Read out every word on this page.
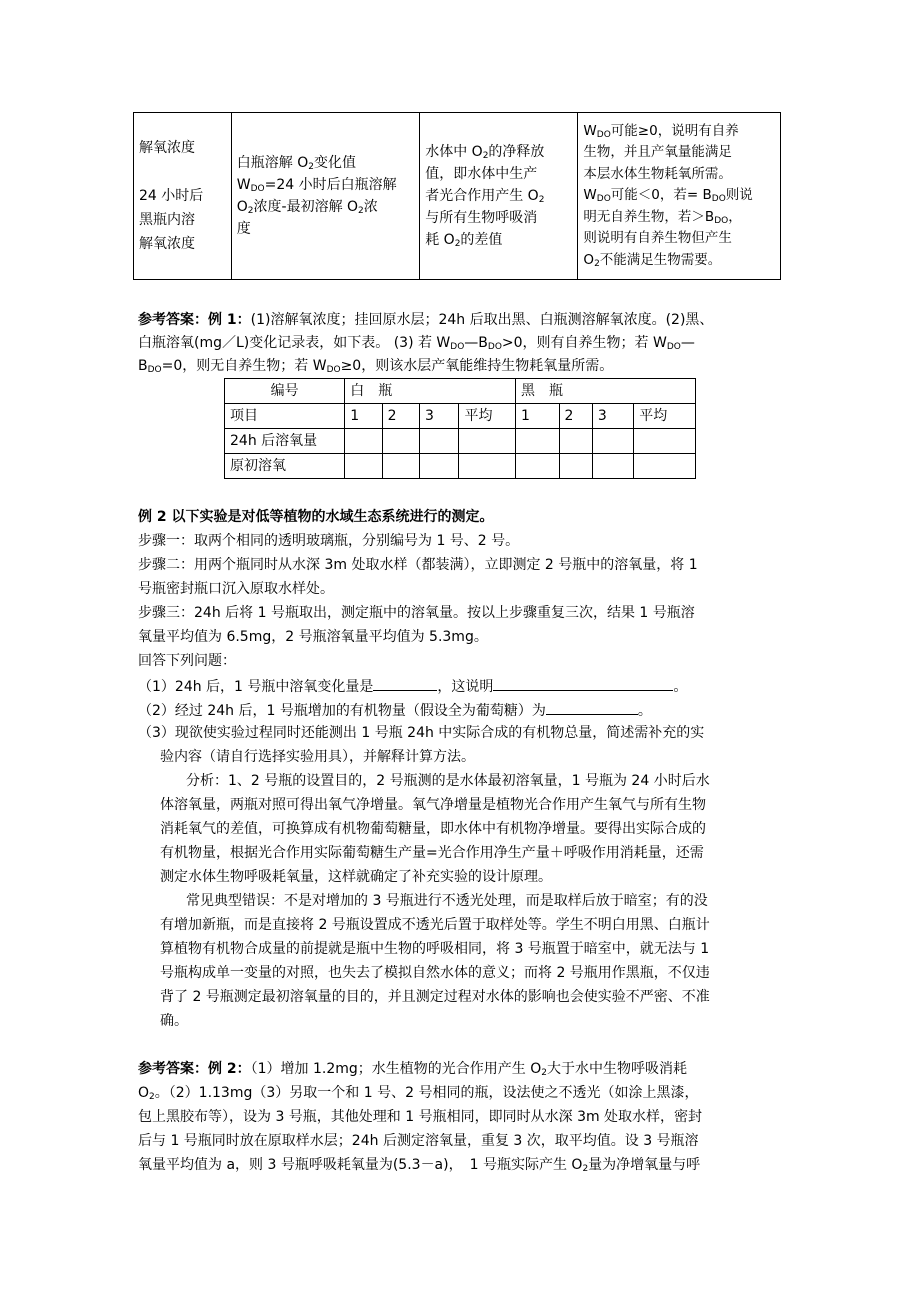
解氧浓度
24 小时后
黑瓶内溶
解氧浓度

白瓶溶解 $O_2$变化值
$W_{DO}=24$ 小时后白瓶溶解
$O_2$浓度-最初溶解 $O_2$浓
度

水体中 $O_2$的净释放
值，即水体中生产
者光合作用产生 $O_2$
与所有生物呼吸消
耗 $O_2$的差值

$W_{DO}$可能≥0，说明有自养
生物，并且产氧量能满足
本层水体生物耗氧所需。
$W_{DO}$可能＜0，若= $B_{DO}$则说
明无自养生物，若$>B_{DO}$，
则说明有自养生物但产生
$O_2$不能满足生物需要。
参考答案：例 1：(1)溶解氧浓度；挂回原水层；24h 后取出黑、白瓶测溶解氧浓度。(2)黑、
白瓶溶氧(mg／L)变化记录表，如下表。 (3) 若 $W_{DO}—B_{DO}>0$，则有自养生物；若 $W_{DO}—$
$B_{DO}=0$，则无自养生物；若 $W_{DO}\ge 0$，则该水层产氧能维持生物耗氧量所需。
编号	白　瓶				黑　瓶			
项目	1	2	3	平均	1	2	3	平均
24h 后溶氧量								
原初溶氧								
例 2 以下实验是对低等植物的水域生态系统进行的测定。
步骤一：取两个相同的透明玻璃瓶，分别编号为 1 号、2 号。
步骤二：用两个瓶同时从水深 3m 处取水样（都装满），立即测定 2 号瓶中的溶氧量，将 1
号瓶密封瓶口沉入原取水样处。
步骤三：24h 后将 1 号瓶取出，测定瓶中的溶氧量。按以上步骤重复三次，结果 1 号瓶溶
氧量平均值为 6.5mg，2 号瓶溶氧量平均值为 5.3mg。
回答下列问题：
（1）24h 后，1 号瓶中溶氧变化量是	，这说明	。
（2）经过 24h 后，1 号瓶增加的有机物量（假设全为葡萄糖）为	。
（3）现欲使实验过程同时还能测出 1 号瓶 24h 中实际合成的有机物总量，简述需补充的实
验内容（请自行选择实验用具），并解释计算方法。
分析：1、2 号瓶的设置目的，2 号瓶测的是水体最初溶氧量，1 号瓶为 24 小时后水
体溶氧量，两瓶对照可得出氧气净增量。氧气净增量是植物光合作用产生氧气与所有生物
消耗氧气的差值，可换算成有机物葡萄糖量，即水体中有机物净增量。要得出实际合成的
有机物量，根据光合作用实际葡萄糖生产量=光合作用净生产量＋呼吸作用消耗量，还需
测定水体生物呼吸耗氧量，这样就确定了补充实验的设计原理。
常见典型错误：不是对增加的 3 号瓶进行不透光处理，而是取样后放于暗室；有的没
有增加新瓶，而是直接将 2 号瓶设置成不透光后置于取样处等。学生不明白用黑、白瓶计
算植物有机物合成量的前提就是瓶中生物的呼吸相同，将 3 号瓶置于暗室中，就无法与 1
号瓶构成单一变量的对照，也失去了模拟自然水体的意义；而将 2 号瓶用作黑瓶，不仅违
背了 2 号瓶测定最初溶氧量的目的，并且测定过程对水体的影响也会使实验不严密、不准
确。
参考答案：例 2：（1）增加 1.2mg；水生植物的光合作用产生 $O_2$大于水中生物呼吸消耗
$O_2$。（2）1.13mg（3）另取一个和 1 号、2 号相同的瓶，设法使之不透光（如涂上黑漆，
包上黑胶布等），设为 3 号瓶，其他处理和 1 号瓶相同，即同时从水深 3m 处取水样，密封
后与 1 号瓶同时放在原取样水层；24h 后测定溶氧量，重复 3 次，取平均值。设 3 号瓶溶
氧量平均值为 a，则 3 号瓶呼吸耗氧量为(5.3－a)，　1 号瓶实际产生 $O_2$量为净增氧量与呼
